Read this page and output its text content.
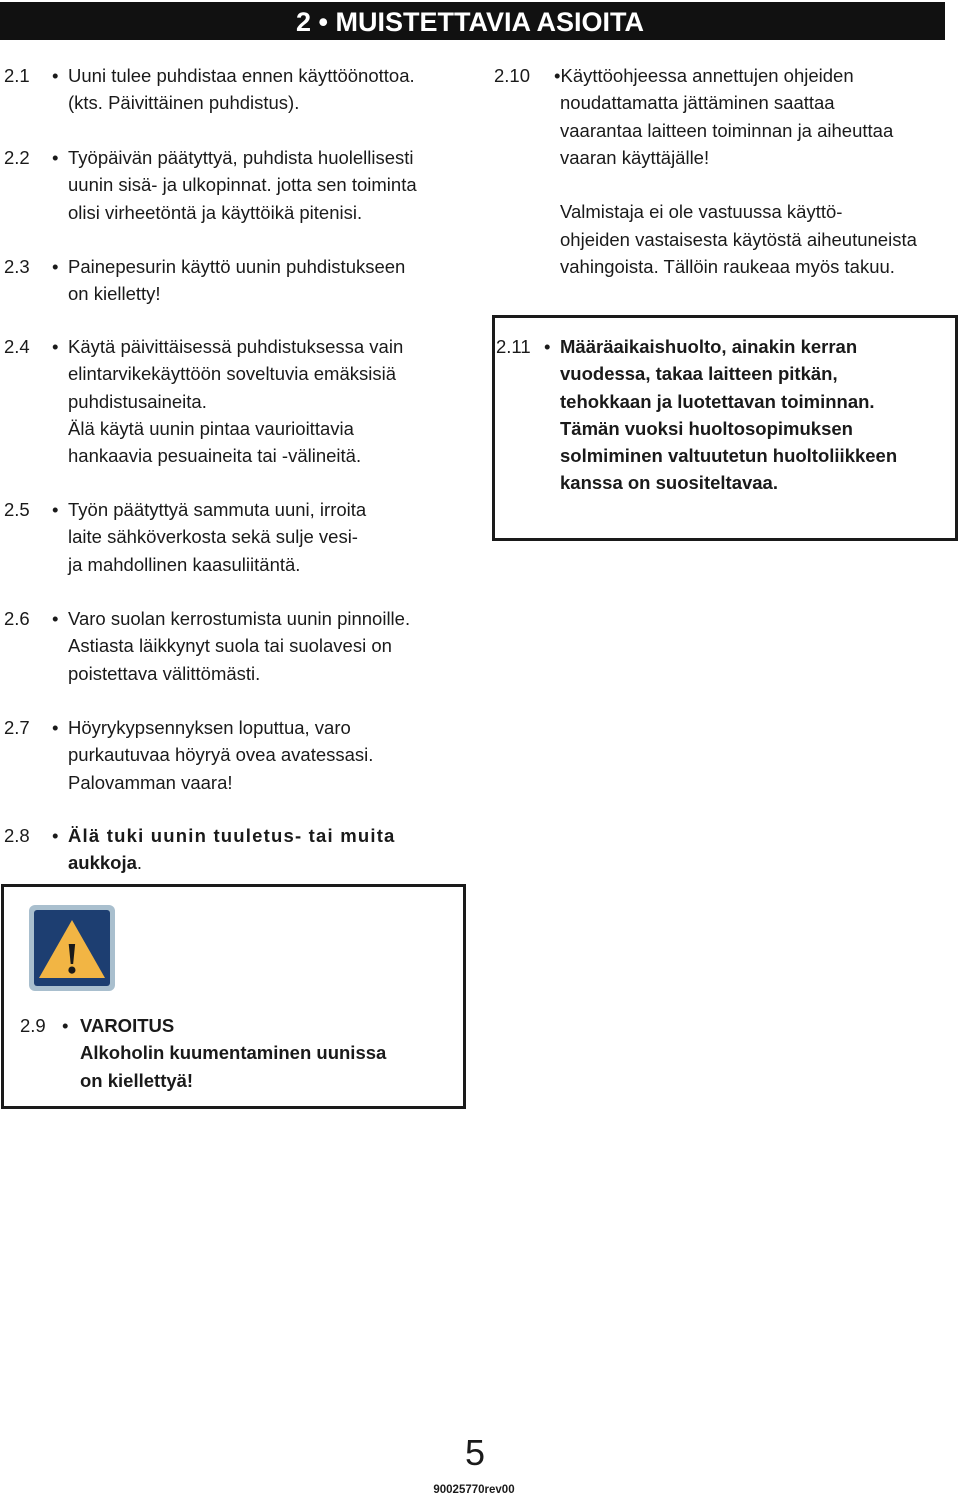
2 • MUISTETTAVIA ASIOITA
2.1 • Uuni tulee puhdistaa ennen käyttöönottoa.
(kts. Päivittäinen puhdistus).
2.2 • Työpäivän päätyttyä, puhdista huolellisesti
uunin sisä- ja ulkopinnat. jotta sen toiminta
olisi virheetöntä ja käyttöikä pitenisi.
2.3 • Painepesurin käyttö uunin puhdistukseen
on kielletty!
2.4 • Käytä päivittäisessä puhdistuksessa vain
elintarvikekäyttöön soveltuvia emäksisiä
puhdistusaineita.
Älä käytä uunin pintaa vaurioittavia
hankaavia pesuaineita tai -välineitä.
2.5 • Työn päätyttyä sammuta uuni, irroita
laite sähköverkosta sekä sulje vesi-
ja mahdollinen kaasuliitäntä.
2.6 • Varo suolan kerrostumista uunin pinnoille.
Astiasta läikkynyt suola tai suolavesi on
poistettava välittömästi.
2.7 • Höyrykypsennyksen loputtua, varo
purkautuvaa höyryä ovea avatessasi.
Palovamman vaara!
2.8 • Älä tuki uunin tuuletus- tai muita
aukkoja.
!
2.9 • VAROITUS
Alkoholin kuumentaminen uunissa
on kiellettyä!
2.10 •Käyttöohjeessa annettujen ohjeiden
noudattamatta jättäminen saattaa
vaarantaa laitteen toiminnan ja aiheuttaa
vaaran käyttäjälle!
Valmistaja ei ole vastuussa käyttö-
ohjeiden vastaisesta käytöstä aiheutuneista
vahingoista. Tällöin raukeaa myös takuu.
2.11 • Määräaikaishuolto, ainakin kerran
vuodessa, takaa laitteen pitkän,
tehokkaan ja luotettavan toiminnan.
Tämän vuoksi huoltosopimuksen
solmiminen valtuutetun huoltoliikkeen
kanssa on suositeltavaa.
5
90025770rev00
